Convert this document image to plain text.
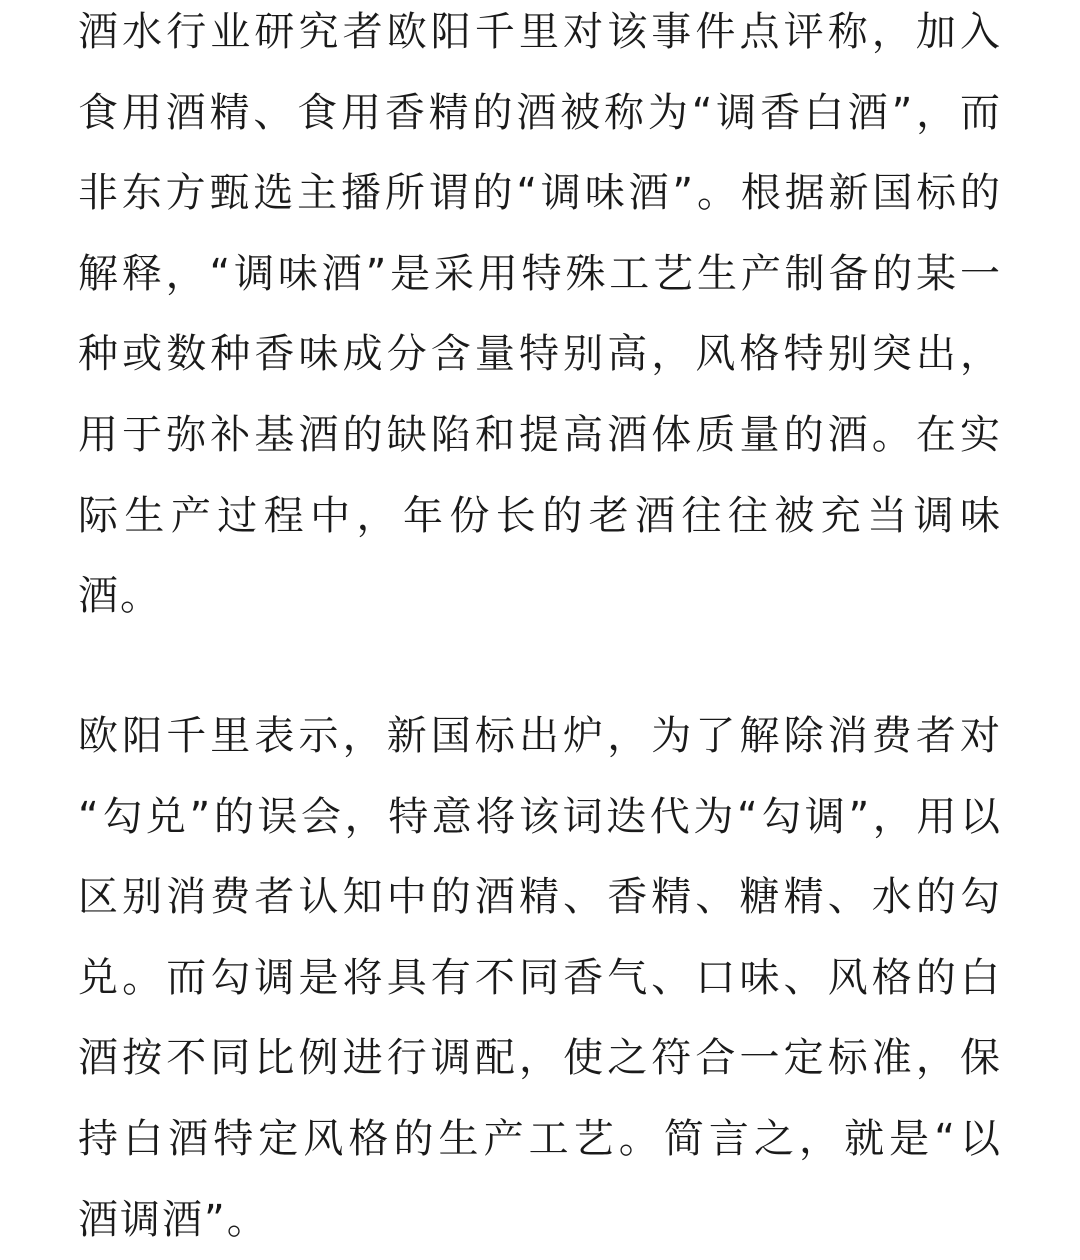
酒水行业研究者欧阳千里对该事件点评称，加入
食用酒精、食用香精的酒被称为“调香白酒”，而
非东方甄选主播所谓的“调味酒”。根据新国标的
解释，“调味酒”是采用特殊工艺生产制备的某一
种或数种香味成分含量特别高，风格特别突出，
用于弥补基酒的缺陷和提高酒体质量的酒。在实
际生产过程中，年份长的老酒往往被充当调味
酒。

欧阳千里表示，新国标出炉，为了解除消费者对
“勾兑”的误会，特意将该词迭代为“勾调”，用以
区别消费者认知中的酒精、香精、糖精、水的勾
兑。而勾调是将具有不同香气、口味、风格的白
酒按不同比例进行调配，使之符合一定标准，保
持白酒特定风格的生产工艺。简言之，就是“以
酒调酒”。
